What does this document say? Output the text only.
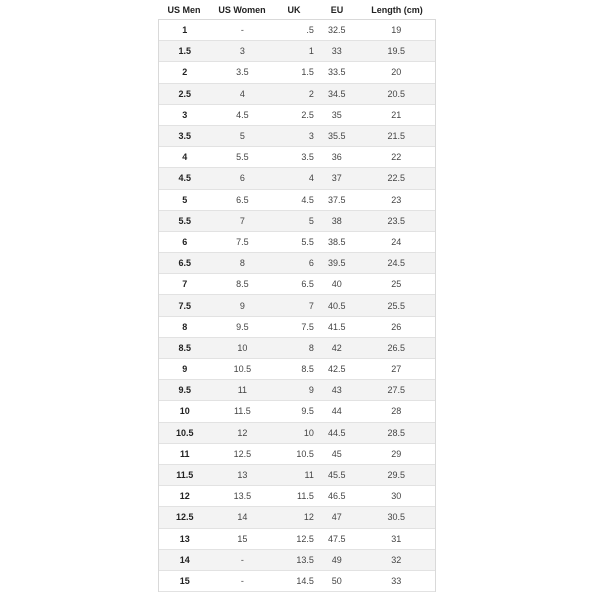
US Men	US Women	UK	EU	Length (cm)
1	-	.5	32.5	19
1.5	3	1	33	19.5
2	3.5	1.5	33.5	20
2.5	4	2	34.5	20.5
3	4.5	2.5	35	21
3.5	5	3	35.5	21.5
4	5.5	3.5	36	22
4.5	6	4	37	22.5
5	6.5	4.5	37.5	23
5.5	7	5	38	23.5
6	7.5	5.5	38.5	24
6.5	8	6	39.5	24.5
7	8.5	6.5	40	25
7.5	9	7	40.5	25.5
8	9.5	7.5	41.5	26
8.5	10	8	42	26.5
9	10.5	8.5	42.5	27
9.5	11	9	43	27.5
10	11.5	9.5	44	28
10.5	12	10	44.5	28.5
11	12.5	10.5	45	29
11.5	13	11	45.5	29.5
12	13.5	11.5	46.5	30
12.5	14	12	47	30.5
13	15	12.5	47.5	31
14	-	13.5	49	32
15	-	14.5	50	33
